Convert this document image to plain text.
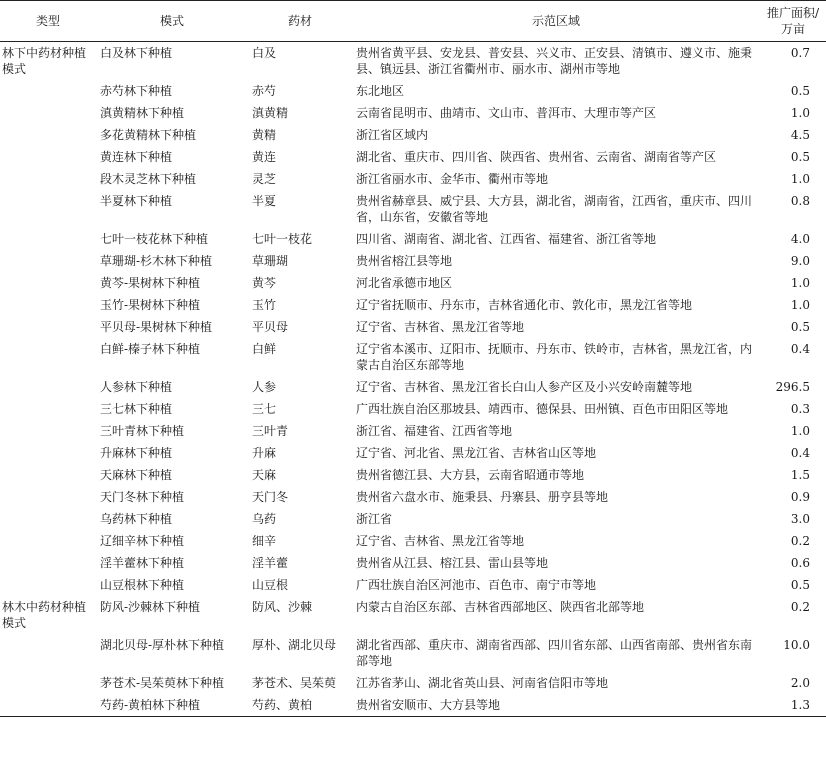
类型	模式	药材	示范区域	推广面积/
万亩
林下中药材种植模式	白及林下种植	白及	贵州省黄平县、安龙县、普安县、兴义市、正安县、清镇市、遵义市、施秉县、镇远县、浙江省衢州市、丽水市、湖州市等地	0.7
	赤芍林下种植	赤芍	东北地区	0.5
	滇黄精林下种植	滇黄精	云南省昆明市、曲靖市、文山市、普洱市、大理市等产区	1.0
	多花黄精林下种植	黄精	浙江省区域内	4.5
	黄连林下种植	黄连	湖北省、重庆市、四川省、陕西省、贵州省、云南省、湖南省等产区	0.5
	段木灵芝林下种植	灵芝	浙江省丽水市、金华市、衢州市等地	1.0
	半夏林下种植	半夏	贵州省赫章县、威宁县、大方县，湖北省，湖南省，江西省，重庆市、四川省，山东省，安徽省等地	0.8
	七叶一枝花林下种植	七叶一枝花	四川省、湖南省、湖北省、江西省、福建省、浙江省等地	4.0
	草珊瑚-杉木林下种植	草珊瑚	贵州省榕江县等地	9.0
	黄芩-果树林下种植	黄芩	河北省承德市地区	1.0
	玉竹-果树林下种植	玉竹	辽宁省抚顺市、丹东市，吉林省通化市、敦化市，黑龙江省等地	1.0
	平贝母-果树林下种植	平贝母	辽宁省、吉林省、黑龙江省等地	0.5
	白鲜-榛子林下种植	白鲜	辽宁省本溪市、辽阳市、抚顺市、丹东市、铁岭市，吉林省，黑龙江省，内蒙古自治区东部等地	0.4
	人参林下种植	人参	辽宁省、吉林省、黑龙江省长白山人参产区及小兴安岭南麓等地	296.5
	三七林下种植	三七	广西壮族自治区那坡县、靖西市、德保县、田州镇、百色市田阳区等地	0.3
	三叶青林下种植	三叶青	浙江省、福建省、江西省等地	1.0
	升麻林下种植	升麻	辽宁省、河北省、黑龙江省、吉林省山区等地	0.4
	天麻林下种植	天麻	贵州省德江县、大方县，云南省昭通市等地	1.5
	天门冬林下种植	天门冬	贵州省六盘水市、施秉县、丹寨县、册亨县等地	0.9
	乌药林下种植	乌药	浙江省	3.0
	辽细辛林下种植	细辛	辽宁省、吉林省、黑龙江省等地	0.2
	淫羊藿林下种植	淫羊藿	贵州省从江县、榕江县、雷山县等地	0.6
	山豆根林下种植	山豆根	广西壮族自治区河池市、百色市、南宁市等地	0.5
林木中药材种植模式	防风-沙棘林下种植	防风、沙棘	内蒙古自治区东部、吉林省西部地区、陕西省北部等地	0.2
	湖北贝母-厚朴林下种植	厚朴、湖北贝母	湖北省西部、重庆市、湖南省西部、四川省东部、山西省南部、贵州省东南部等地	10.0
	茅苍术-吴茱萸林下种植	茅苍术、吴茱萸	江苏省茅山、湖北省英山县、河南省信阳市等地	2.0
	芍药-黄柏林下种植	芍药、黄柏	贵州省安顺市、大方县等地	1.3
